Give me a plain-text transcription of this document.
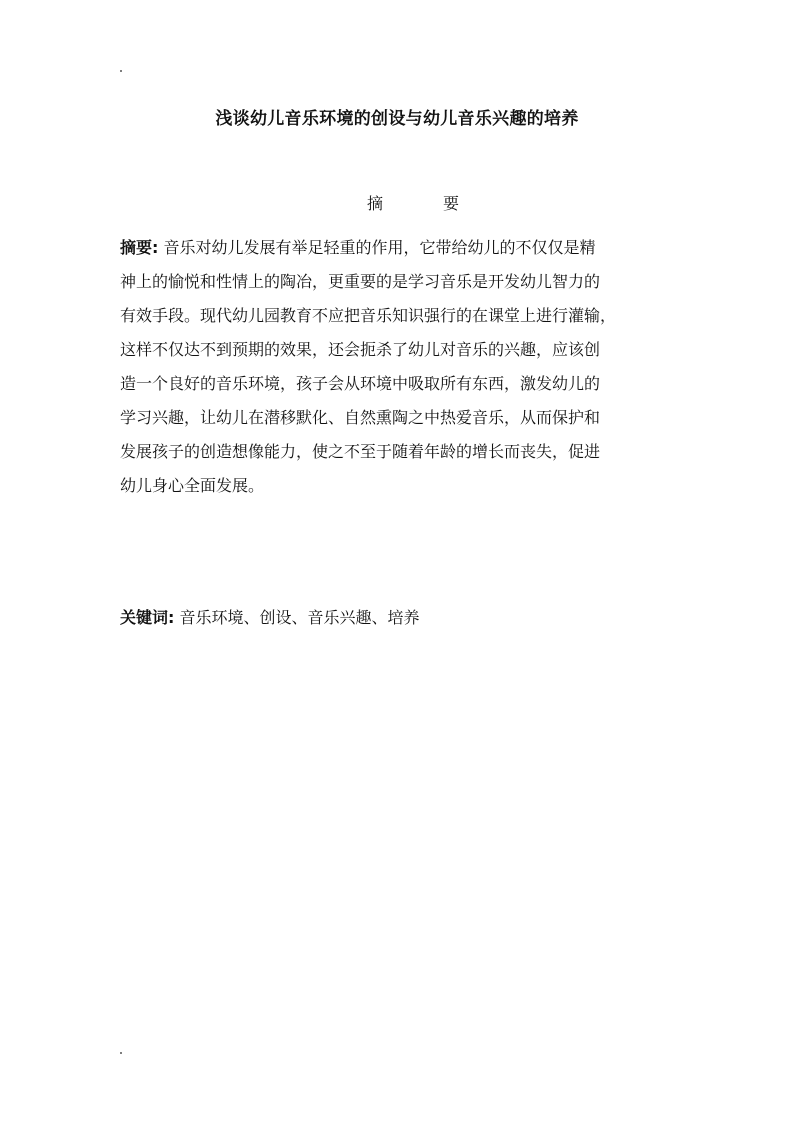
浅谈幼儿音乐环境的创设与幼儿音乐兴趣的培养
摘	要
摘要: 音乐对幼儿发展有举足轻重的作用，它带给幼儿的不仅仅是精
神上的愉悦和性情上的陶冶，更重要的是学习音乐是开发幼儿智力的
有效手段。现代幼儿园教育不应把音乐知识强行的在课堂上进行灌输，
这样不仅达不到预期的效果，还会扼杀了幼儿对音乐的兴趣，应该创
造一个良好的音乐环境，孩子会从环境中吸取所有东西，激发幼儿的
学习兴趣，让幼儿在潜移默化、自然熏陶之中热爱音乐，从而保护和
发展孩子的创造想像能力，使之不至于随着年龄的增长而丧失，促进
幼儿身心全面发展。
关键词: 音乐环境、创设、音乐兴趣、培养
